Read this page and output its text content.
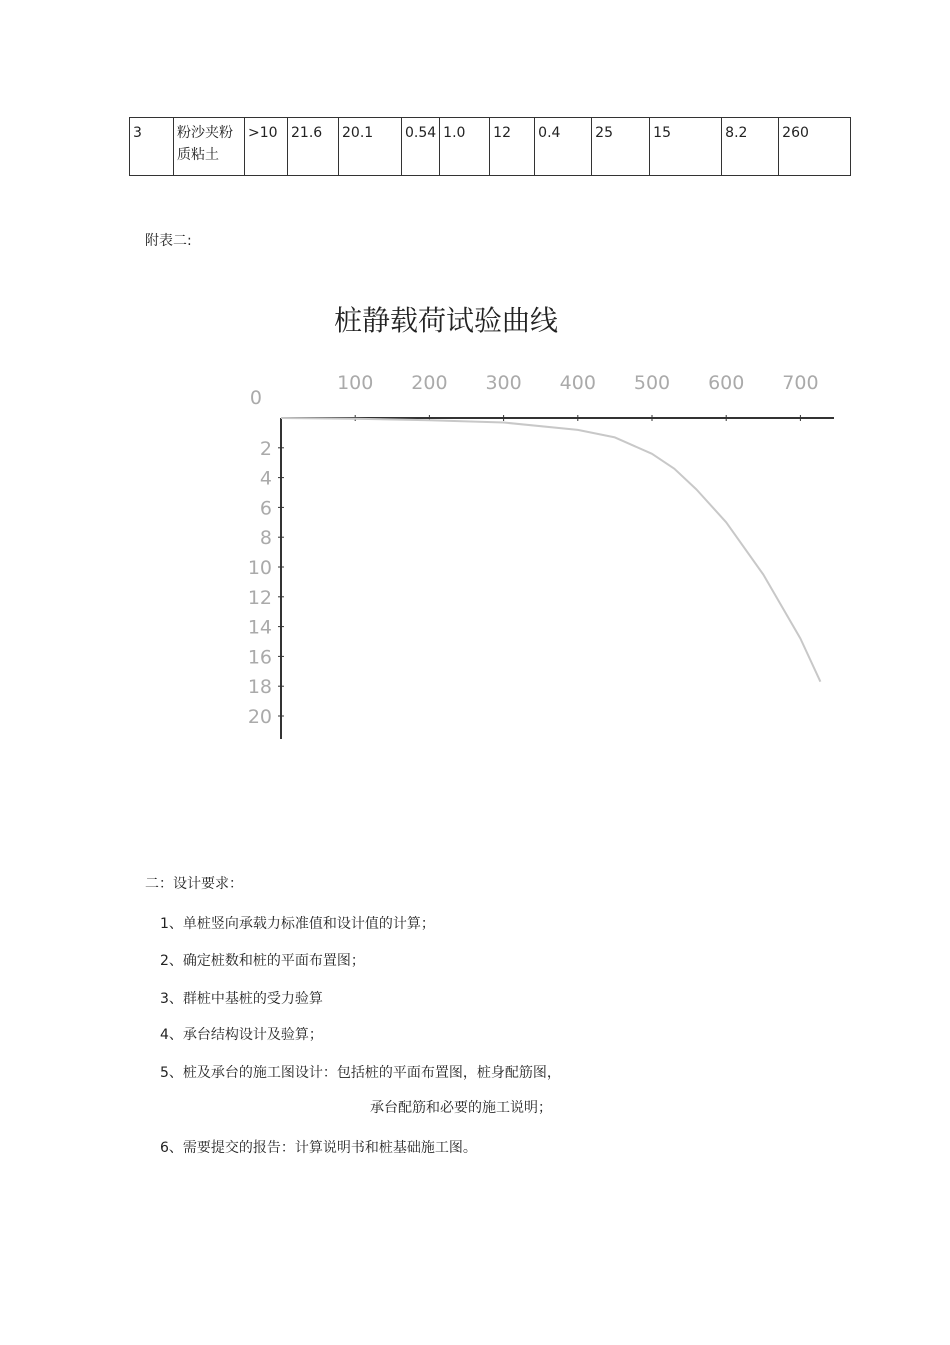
3	粉沙夹粉质粘土	>10	21.6	20.1	0.54	1.0	12	0.4	25	15	8.2	260
附表二:
桩静载荷试验曲线
100 200 300 400 500 600 700
0
2
4
6
8
10
12
14
16
18
20
二：设计要求：
1、单桩竖向承载力标准值和设计值的计算；
2、确定桩数和桩的平面布置图；
3、群桩中基桩的受力验算
4、承台结构设计及验算；
5、桩及承台的施工图设计：包括桩的平面布置图，桩身配筋图，
承台配筋和必要的施工说明；
6、需要提交的报告：计算说明书和桩基础施工图。
